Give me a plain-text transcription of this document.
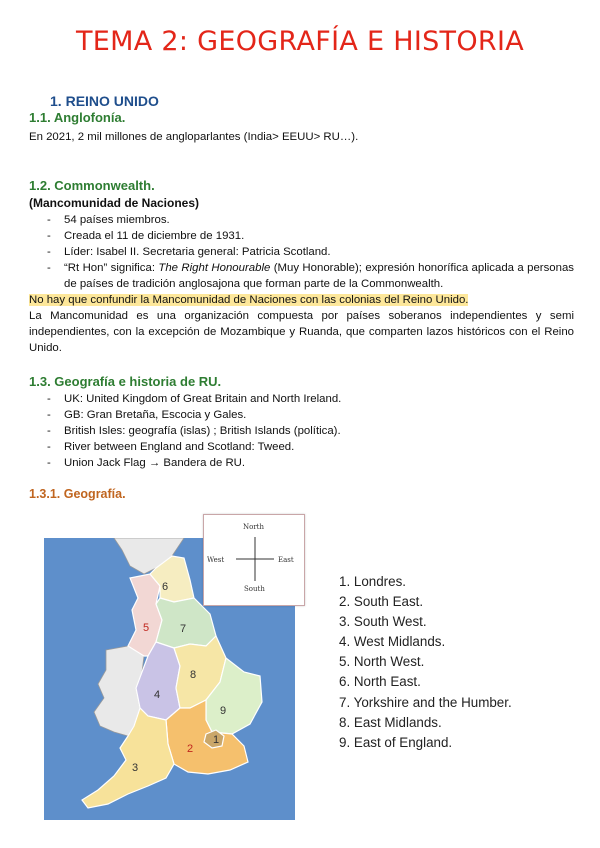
TEMA 2: GEOGRAFÍA E HISTORIA
1. REINO UNIDO
1.1. Anglofonía.
En 2021, 2 mil millones de angloparlantes (India> EEUU> RU…).
1.2. Commonwealth.
(Mancomunidad de Naciones)
- 54 países miembros.
- Creada el 11 de diciembre de 1931.
- Líder: Isabel II. Secretaria general: Patricia Scotland.
- “Rt Hon” significa: The Right Honourable (Muy Honorable); expresión honorífica aplicada a personas de países de tradición anglosajona que forman parte de la Commonwealth.
No hay que confundir la Mancomunidad de Naciones con las colonias del Reino Unido.
La Mancomunidad es una organización compuesta por países soberanos independientes y semi independientes, con la excepción de Mozambique y Ruanda, que comparten lazos históricos con el Reino Unido.
1.3. Geografía e historia de RU.
- UK: United Kingdom of Great Britain and North Ireland.
- GB: Gran Bretaña, Escocia y Gales.
- British Isles: geografía (islas) ; British Islands (política).
- River between England and Scotland: Tweed.
- Union Jack Flag → Bandera de RU.
1.3.1. Geografía.
1
2
3
4
5
6
7
8
9
North
West	East
South	1. Londres.
2. South East.
3. South West.
4. West Midlands.
5. North West.
6. North East.
7. Yorkshire and the Humber.
8. East Midlands.
9. East of England.
